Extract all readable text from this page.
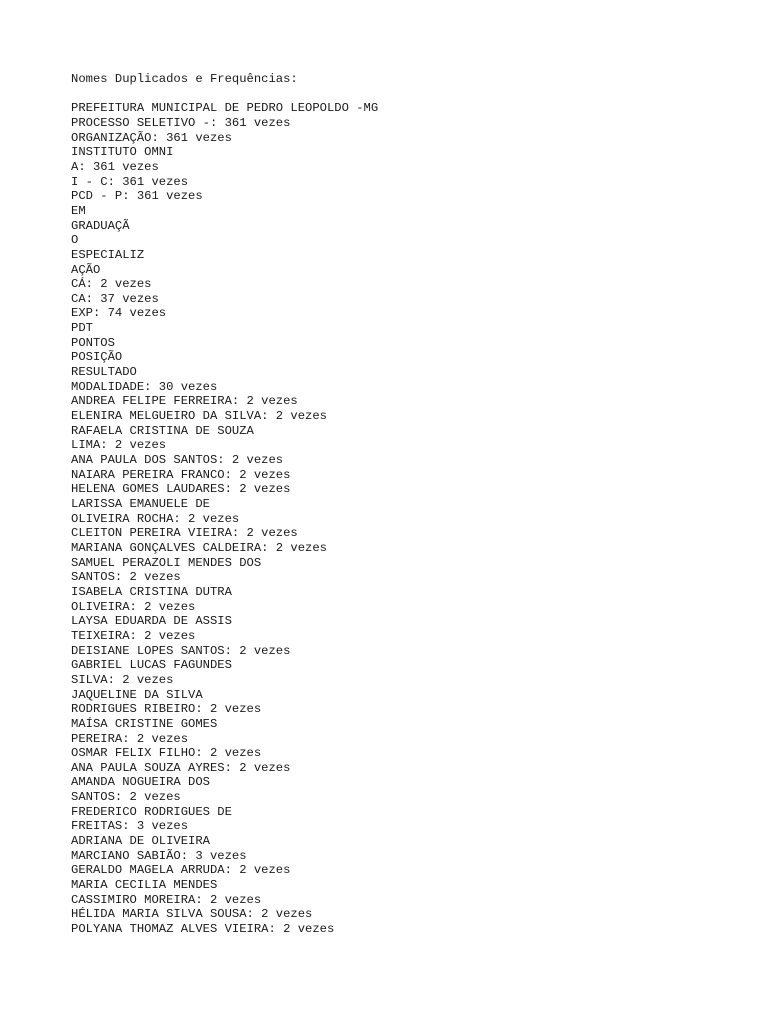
Nomes Duplicados e Frequências:
PREFEITURA MUNICIPAL DE PEDRO LEOPOLDO -MG
PROCESSO SELETIVO -: 361 vezes
ORGANIZAÇÃO: 361 vezes
INSTITUTO OMNI
A: 361 vezes
I - C: 361 vezes
PCD - P: 361 vezes
EM
GRADUAÇÃ
O
ESPECIALIZ
AÇÃO
CÁ: 2 vezes
CA: 37 vezes
EXP: 74 vezes
PDT
PONTOS
POSIÇÃO
RESULTADO
MODALIDADE: 30 vezes
ANDREA FELIPE FERREIRA: 2 vezes
ELENIRA MELGUEIRO DA SILVA: 2 vezes
RAFAELA CRISTINA DE SOUZA
LIMA: 2 vezes
ANA PAULA DOS SANTOS: 2 vezes
NAIARA PEREIRA FRANCO: 2 vezes
HELENA GOMES LAUDARES: 2 vezes
LARISSA EMANUELE DE
OLIVEIRA ROCHA: 2 vezes
CLEITON PEREIRA VIEIRA: 2 vezes
MARIANA GONÇALVES CALDEIRA: 2 vezes
SAMUEL PERAZOLI MENDES DOS
SANTOS: 2 vezes
ISABELA CRISTINA DUTRA
OLIVEIRA: 2 vezes
LAYSA EDUARDA DE ASSIS
TEIXEIRA: 2 vezes
DEISIANE LOPES SANTOS: 2 vezes
GABRIEL LUCAS FAGUNDES
SILVA: 2 vezes
JAQUELINE DA SILVA
RODRIGUES RIBEIRO: 2 vezes
MAÍSA CRISTINE GOMES
PEREIRA: 2 vezes
OSMAR FELIX FILHO: 2 vezes
ANA PAULA SOUZA AYRES: 2 vezes
AMANDA NOGUEIRA DOS
SANTOS: 2 vezes
FREDERICO RODRIGUES DE
FREITAS: 3 vezes
ADRIANA DE OLIVEIRA
MARCIANO SABIÃO: 3 vezes
GERALDO MAGELA ARRUDA: 2 vezes
MARIA CECILIA MENDES
CASSIMIRO MOREIRA: 2 vezes
HÉLIDA MARIA SILVA SOUSA: 2 vezes
POLYANA THOMAZ ALVES VIEIRA: 2 vezes
